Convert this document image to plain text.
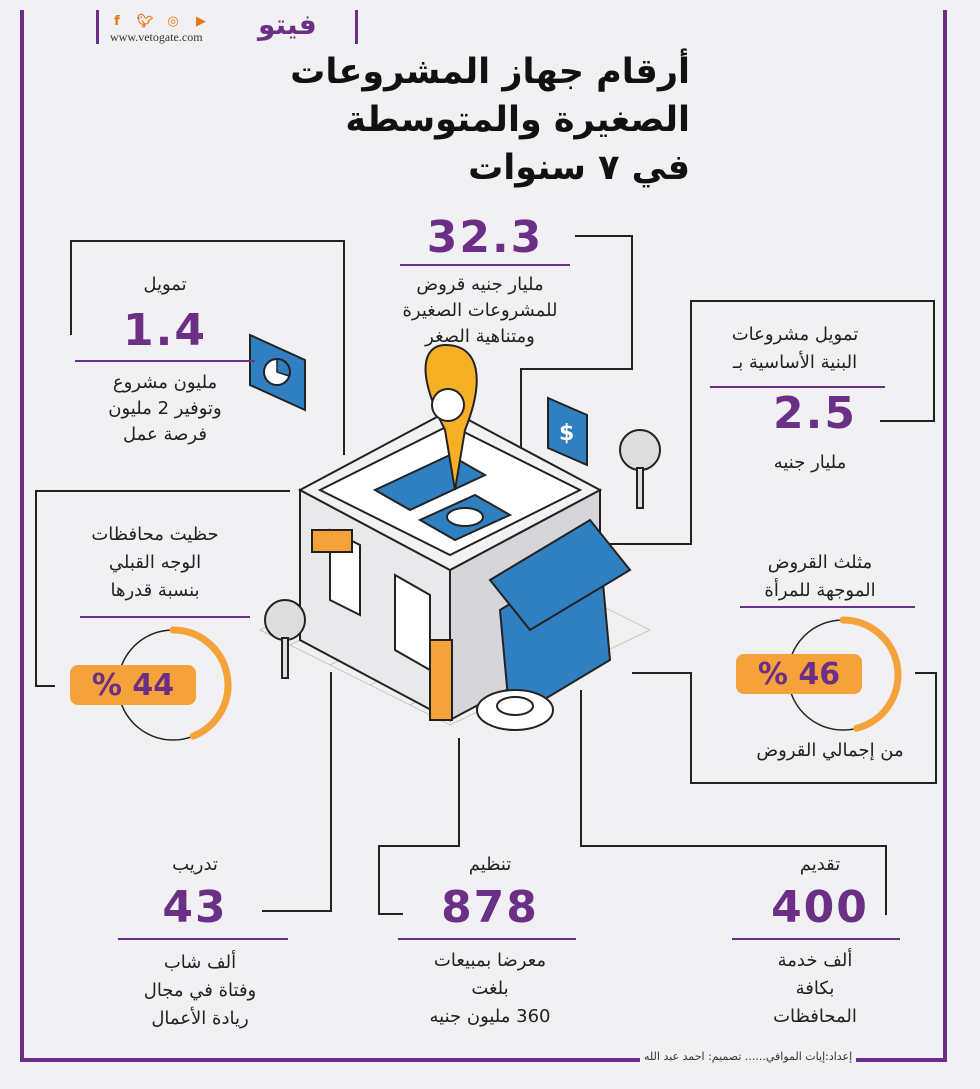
f	🐦︎ ◎	▶
www.vetogate.com فيتو
أرقام جهاز المشروعات
الصغيرة والمتوسطة
في ٧ سنوات
$
32.3
مليار جنيه قروض
للمشروعات الصغيرة
ومتناهية الصغر
تمويل
1.4
مليون مشروع
وتوفير 2 مليون
فرصة عمل
تمويل مشروعات
البنية الأساسية بـ
2.5
مليار جنيه
حظيت محافظات
الوجه القبلي
بنسبة قدرها
44 %
مثلث القروض
الموجهة للمرأة
46 %
من إجمالي القروض
تدريب
43
ألف شاب
وفتاة في مجال
ريادة الأعمال
تنظيم
878
معرضا بمبيعات
بلغت
360 مليون جنيه
تقديم
400
ألف خدمة
بكافة
المحافظات
إعداد:إيات الموافي...... تصميم: احمد عبد الله
